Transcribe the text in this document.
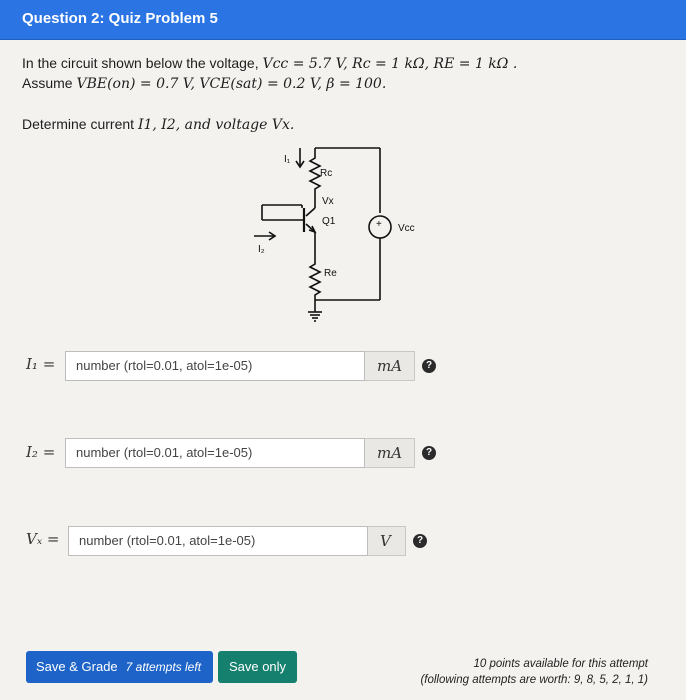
Question 2: Quiz Problem 5
In the circuit shown below the voltage, Vcc = 5.7 V, Rc = 1 kΩ, RE = 1 kΩ .
Assume VBE(on) = 0.7 V, VCE(sat) = 0.2 V, β = 100.
Determine current I1, I2, and voltage Vx.
Rc
Vx
Q1
Vcc
Re
I₁
I₂
+
I₁ =	number (rtol=0.01, atol=1e-05)	mA	?
I₂ =	number (rtol=0.01, atol=1e-05)	mA	?
Vₓ =	number (rtol=0.01, atol=1e-05)	V	?
Save & Grade 7 attempts left	Save only	10 points available for this attempt
(following attempts are worth: 9, 8, 5, 2, 1, 1)
